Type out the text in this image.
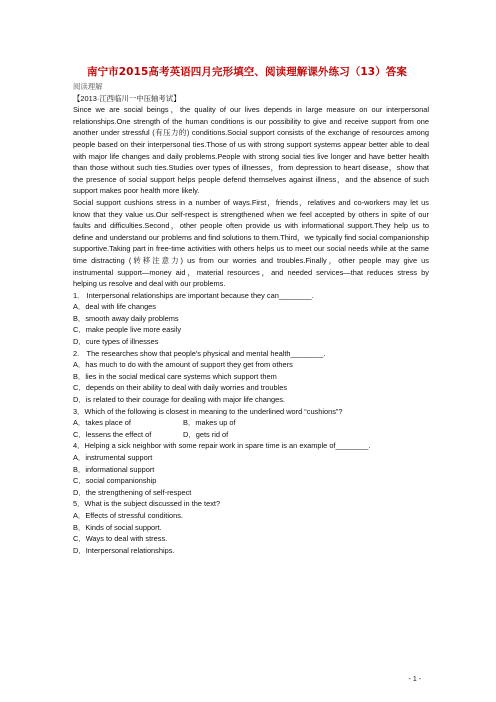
南宁市2015高考英语四月完形填空、阅读理解课外练习（13）答案

阅读理解

【2013·江西临川一中压轴考试】

Since we are social beings，the quality of our lives depends in large measure on our interpersonal relationships.One strength of the human conditions is our possibility to give and receive support from one another under stressful (有压力的) conditions.Social support consists of the exchange of resources among people based on their interpersonal ties.Those of us with strong support systems appear better able to deal with major life changes and daily problems.People with strong social ties live longer and have better health than those without such ties.Studies over types of illnesses，from depression to heart disease，show that the presence of social support helps people defend themselves against illness，and the absence of such support makes poor health more likely.

Social support cushions stress in a number of ways.First，friends，relatives and co-workers may let us know that they value us.Our self-respect is strengthened when we feel accepted by others in spite of our faults and difficulties.Second，other people often provide us with informational support.They help us to define and understand our problems and find solutions to them.Third，we typically find social companionship supportive.Taking part in free-time activities with others helps us to meet our social needs while at the same time distracting (转移注意力) us from our worries and troubles.Finally，other people may give us instrumental support—money aid，material resources，and needed services—that reduces stress by helping us resolve and deal with our problems.

1. Interpersonal relationships are important because they can________.

A．deal with life changes

B．smooth away daily problems

C．make people live more easily

D．cure types of illnesses

2. The researches show that people's physical and mental health________.

A．has much to do with the amount of support they get from others

B．lies in the social medical care systems which support them

C．depends on their ability to deal with daily worries and troubles

D．is related to their courage for dealing with major life changes.

3．Which of the following is closest in meaning to the underlined word “cushions”?

A．takes place of	B．makes up of

C．lessens the effect of	D．gets rid of

4．Helping a sick neighbor with some repair work in spare time is an example of________.

A．instrumental support

B．informational support

C．social companionship

D．the strengthening of self-respect

5．What is the subject discussed in the text?

A．Effects of stressful conditions.

B．Kinds of social support.

C．Ways to deal with stress.

D．Interpersonal relationships.

- 1 -
